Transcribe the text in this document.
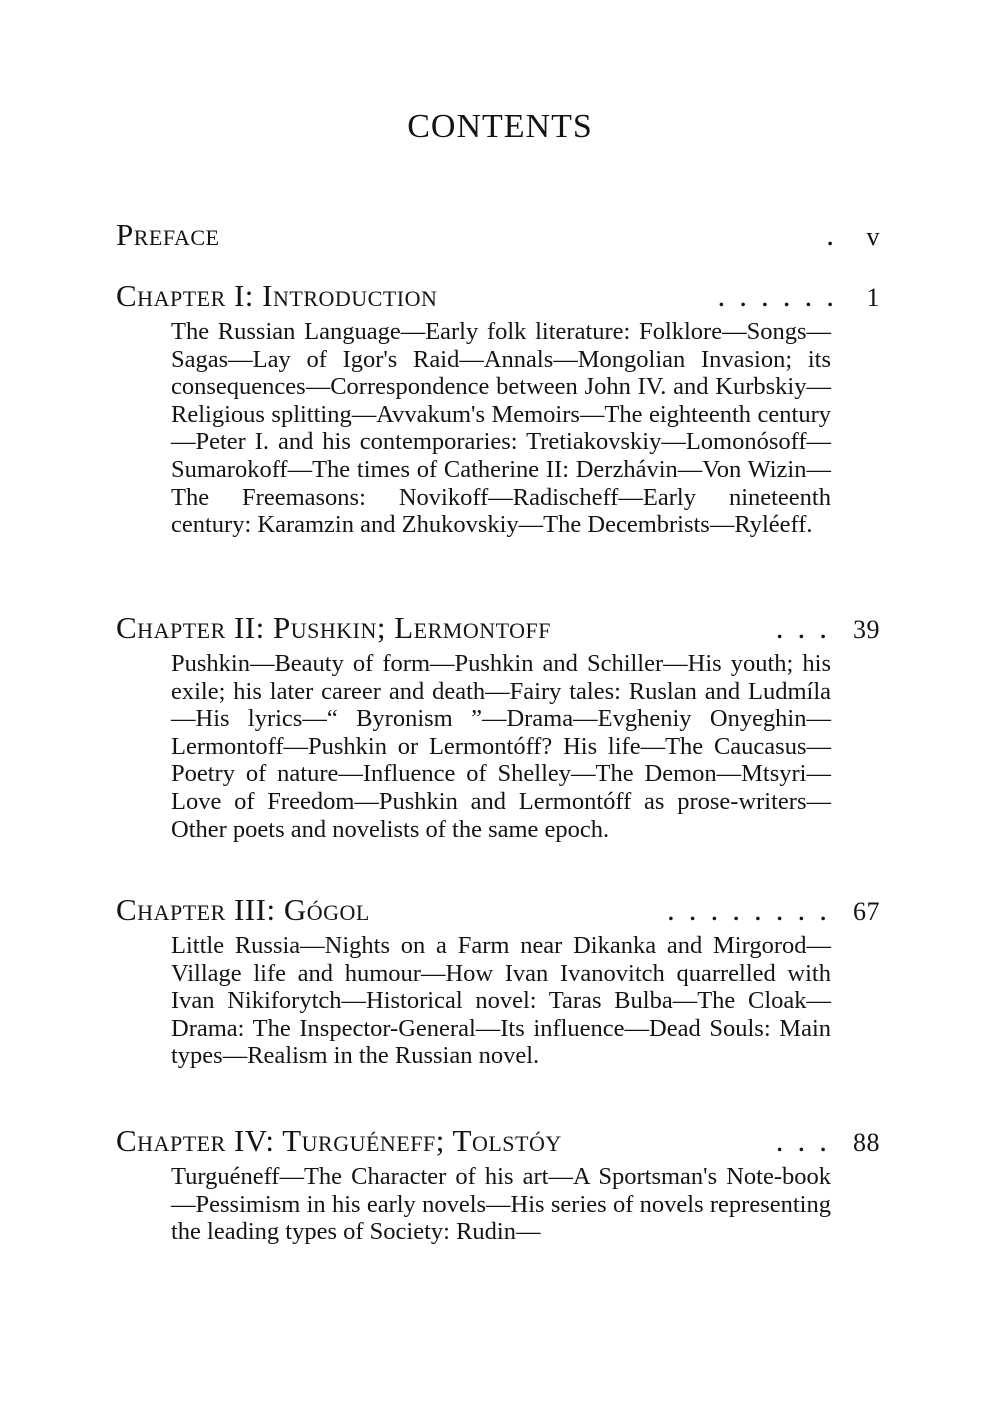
CONTENTS
Preface	. v
Chapter I: Introduction	...... 1
The Russian Language—Early folk literature: Folklore—Songs—Sagas—Lay of Igor's Raid—Annals—Mongolian Invasion; its consequences—Correspondence between John IV. and Kurbskiy—Religious splitting—Avvakum's Memoirs—The eighteenth century—Peter I. and his contemporaries: Tretiakovskiy—Lomonósoff—Sumarokoff—The times of Catherine II: Derzhávin—Von Wizin—The Freemasons: Novikoff—Radischeff—Early nineteenth century: Karamzin and Zhukovskiy—The Decembrists—Ryléeff.
Chapter II: Pushkin; Lermontoff	... 39
Pushkin—Beauty of form—Pushkin and Schiller—His youth; his exile; his later career and death—Fairy tales: Ruslan and Ludmíla—His lyrics—“ Byronism ”—Drama—Evgheniy Onyeghin—Lermontoff—Pushkin or Lermontóff? His life—The Caucasus—Poetry of nature—Influence of Shelley—The Demon—Mtsyri—Love of Freedom—Pushkin and Lermontóff as prose-writers—Other poets and novelists of the same epoch.
Chapter III: Gógol	........ 67
Little Russia—Nights on a Farm near Dikanka and Mirgorod—Village life and humour—How Ivan Ivanovitch quarrelled with Ivan Nikiforytch—Historical novel: Taras Bulba—The Cloak—Drama: The Inspector-General—Its influence—Dead Souls: Main types—Realism in the Russian novel.
Chapter IV: Turguéneff; Tolstóy	... 88
Turguéneff—The Character of his art—A Sportsman's Note-book—Pessimism in his early novels—His series of novels representing the leading types of Society: Rudin—
